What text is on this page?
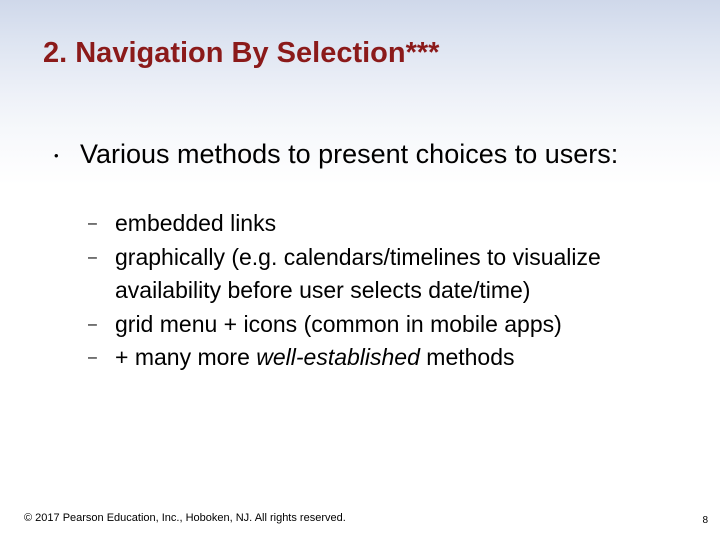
2. Navigation By Selection***
• Various methods to present choices to users:
– embedded links
– graphically (e.g. calendars/timelines to visualize availability before user selects date/time)
– grid menu + icons (common in mobile apps)
– + many more well-established methods
© 2017 Pearson Education, Inc., Hoboken, NJ. All rights reserved.	8
